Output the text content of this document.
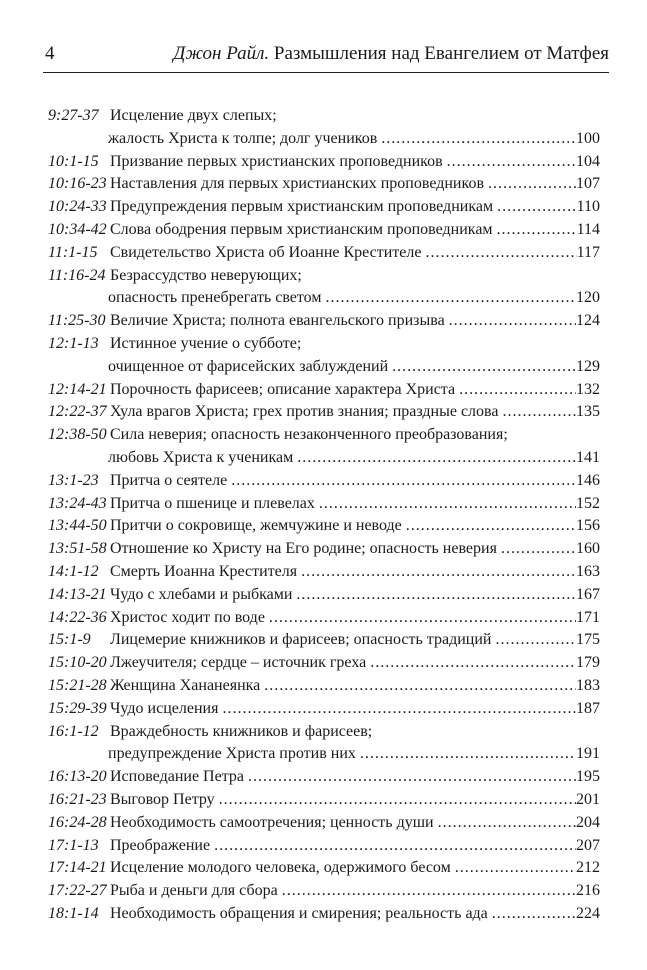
4	Джон Райл. Размышления над Евангелием от Матфея
9:27-37 Исцеление двух слепых;
жалость Христа к толпе; долг учеников .....	100
10:1-15 Призвание первых христианских проповедников .....	104
10:16-23 Наставления для первых христианских проповедников .....	107
10:24-33 Предупреждения первым христианским проповедникам .....	110
10:34-42 Слова ободрения первым христианским проповедникам .....	114
11:1-15 Свидетельство Христа об Иоанне Крестителе .....	117
11:16-24 Безрассудство неверующих;
опасность пренебрегать светом .....	120
11:25-30 Величие Христа; полнота евангельского призыва .....	124
12:1-13 Истинное учение о субботе;
очищенное от фарисейских заблуждений .....	129
12:14-21 Порочность фарисеев; описание характера Христа .....	132
12:22-37 Хула врагов Христа; грех против знания; праздные слова .....	135
12:38-50 Сила неверия; опасность незаконченного преобразования;
любовь Христа к ученикам .....	141
13:1-23 Притча о сеятеле .....	146
13:24-43 Притча о пшенице и плевелах .....	152
13:44-50 Притчи о сокровище, жемчужине и неводе .....	156
13:51-58 Отношение ко Христу на Его родине; опасность неверия .....	160
14:1-12 Смерть Иоанна Крестителя .....	163
14:13-21 Чудо с хлебами и рыбками .....	167
14:22-36 Христос ходит по воде .....	171
15:1-9 Лицемерие книжников и фарисеев; опасность традиций .....	175
15:10-20 Лжеучителя; сердце – источник греха .....	179
15:21-28 Женщина Хананеянка .....	183
15:29-39 Чудо исцеления .....	187
16:1-12 Враждебность книжников и фарисеев;
предупреждение Христа против них .....	191
16:13-20 Исповедание Петра .....	195
16:21-23 Выговор Петру .....	201
16:24-28 Необходимость самоотречения; ценность души .....	204
17:1-13 Преображение .....	207
17:14-21 Исцеление молодого человека, одержимого бесом .....	212
17:22-27 Рыба и деньги для сбора .....	216
18:1-14 Необходимость обращения и смирения; реальность ада .....	224
